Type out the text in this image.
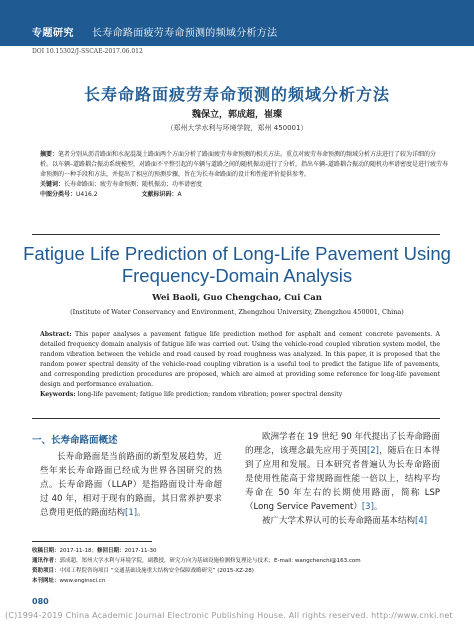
专题研究 长寿命路面疲劳寿命预测的频域分析方法
DOI 10.15302/J-SSCAE-2017.06.012
长寿命路面疲劳寿命预测的频域分析方法
魏保立，郭成超，崔璨
（郑州大学水利与环境学院，郑州 450001）
摘要：笔者分别从沥青路面和水泥混凝土路面两个方面分析了路面疲劳寿命预测的相关方法。重点对疲劳寿命预测的频域分析方法进行了较为详细的分析。以车辆–道路耦合振动系统模型，对路面不平整引起的车辆与道路之间的随机振动进行了分析，指出车辆–道路耦合振动的随机功率谱密度是进行疲劳寿命预测的一种手段和方法，并提出了相应的预测步骤，旨在为长寿命路面的设计和性能评价提供参考。
关键词：长寿命路面；疲劳寿命预测；随机振动；功率谱密度
中图分类号：U416.2	文献标识码：A
Fatigue Life Prediction of Long-Life Pavement Using
Frequency-Domain Analysis
Wei Baoli, Guo Chengchao, Cui Can
(Institute of Water Conservancy and Environment, Zhengzhou University, Zhengzhou 450001, China)
Abstract: This paper analyses a pavement fatigue life prediction method for asphalt and cement concrete pavements. A detailed frequency domain analysis of fatigue life was carried out. Using the vehicle-road coupled vibration system model, the random vibration between the vehicle and road caused by road roughness was analyzed. In this paper, it is proposed that the random power spectral density of the vehicle-road coupling vibration is a useful tool to predict the fatigue life of pavements, and corresponding prediction procedures are proposed, which are aimed at providing some reference for long-life pavement design and performance evaluation.
Keywords: long-life pavement; fatigue life prediction; random vibration; power spectral density
一、长寿命路面概述

长寿命路面是当前路面的新型发展趋势，近些年来长寿命路面已经成为世界各国研究的热点。长寿命路面（LLAP）是指路面设计寿命超过 40 年，相对于现有的路面，其日常养护要求总费用更低的路面结构[1]。

欧洲学者在 19 世纪 90 年代提出了长寿命路面的理念，该理念最先应用于英国[2]，随后在日本得到了应用和发展。日本研究者普遍认为长寿命路面是使用性能高于常规路面性能一倍以上，结构平均寿命在 50 年左右的长期使用路面，简称 LSP（Long Service Pavement）[3]。

被广大学术界认可的长寿命路面基本结构[4]

收稿日期：2017-11-18；修回日期：2017-11-30
通讯作者：郭成超，郑州大学水利与环境学院，副教授，研究方向为基础设施检测修复理论与技术；E-mail: wangchenchi@163.com
资助项目：中国工程院咨询项目 “交通基础设施重大结构安全保障战略研究” (2015-XZ-28)
本刊网址：www.enginsci.cn
080
(C)1994-2019 China Academic Journal Electronic Publishing House. All rights reserved. http://www.cnki.net
